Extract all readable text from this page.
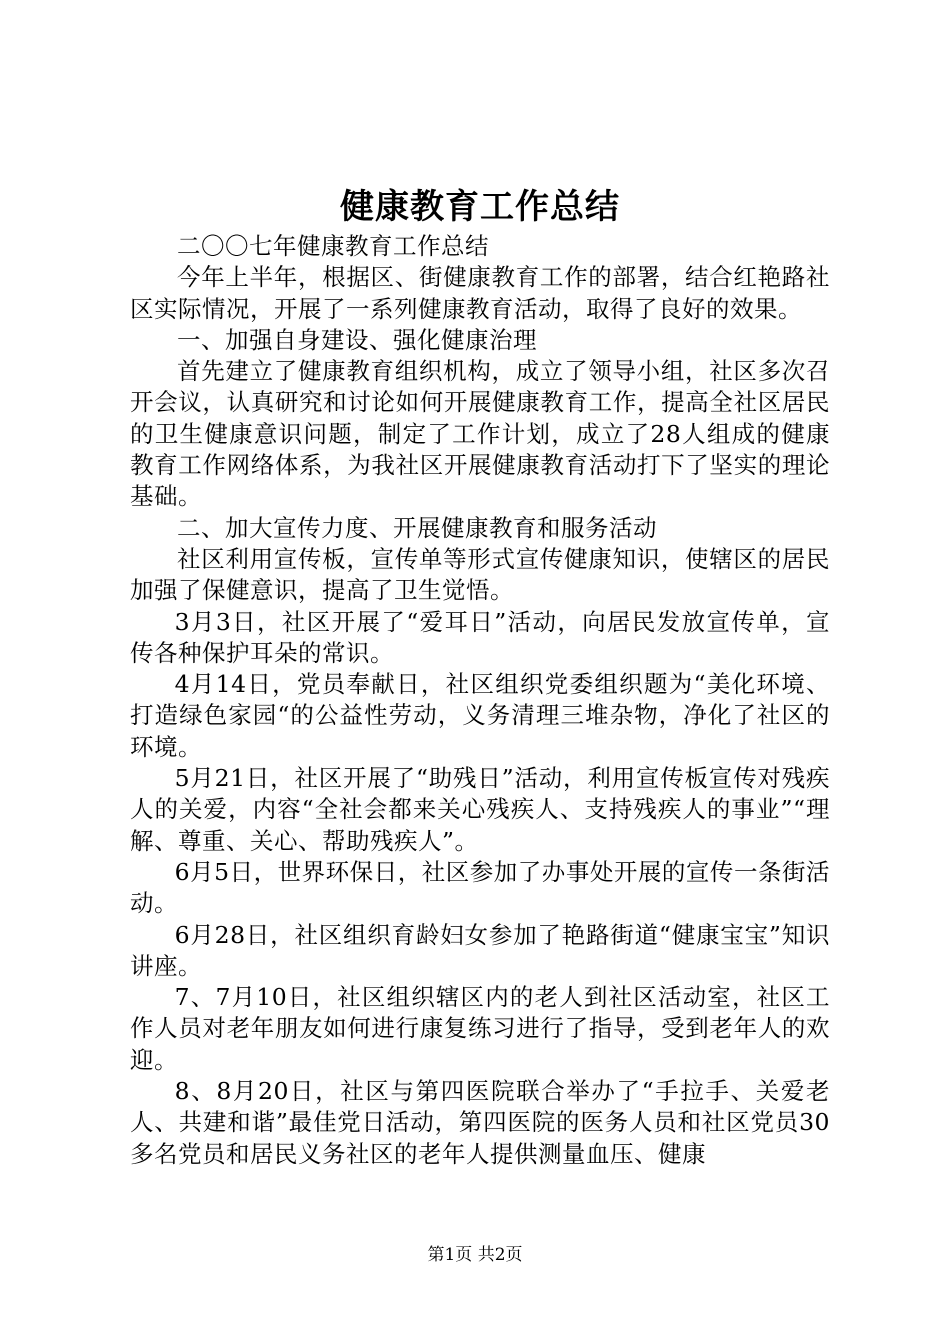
健康教育工作总结

二〇〇七年健康教育工作总结

今年上半年，根据区、街健康教育工作的部署，结合红艳路社区实际情况，开展了一系列健康教育活动，取得了良好的效果。

一、加强自身建设、强化健康治理

首先建立了健康教育组织机构，成立了领导小组，社区多次召开会议，认真研究和讨论如何开展健康教育工作，提高全社区居民的卫生健康意识问题，制定了工作计划，成立了28人组成的健康教育工作网络体系，为我社区开展健康教育活动打下了坚实的理论基础。

二、加大宣传力度、开展健康教育和服务活动

社区利用宣传板，宣传单等形式宣传健康知识，使辖区的居民加强了保健意识，提高了卫生觉悟。

3月3日，社区开展了“爱耳日”活动，向居民发放宣传单，宣传各种保护耳朵的常识。

4月14日，党员奉献日，社区组织党委组织题为“美化环境、打造绿色家园“的公益性劳动，义务清理三堆杂物，净化了社区的环境。

5月21日，社区开展了“助残日”活动，利用宣传板宣传对残疾人的关爱，内容“全社会都来关心残疾人、支持残疾人的事业”“理解、尊重、关心、帮助残疾人”。

6月5日，世界环保日，社区参加了办事处开展的宣传一条街活动。

6月28日，社区组织育龄妇女参加了艳路街道“健康宝宝”知识讲座。

7、7月10日，社区组织辖区内的老人到社区活动室，社区工作人员对老年朋友如何进行康复练习进行了指导，受到老年人的欢迎。

8、8月20日，社区与第四医院联合举办了“手拉手、关爱老人、共建和谐”最佳党日活动，第四医院的医务人员和社区党员30多名党员和居民义务社区的老年人提供测量血压、健康

第1页 共2页
